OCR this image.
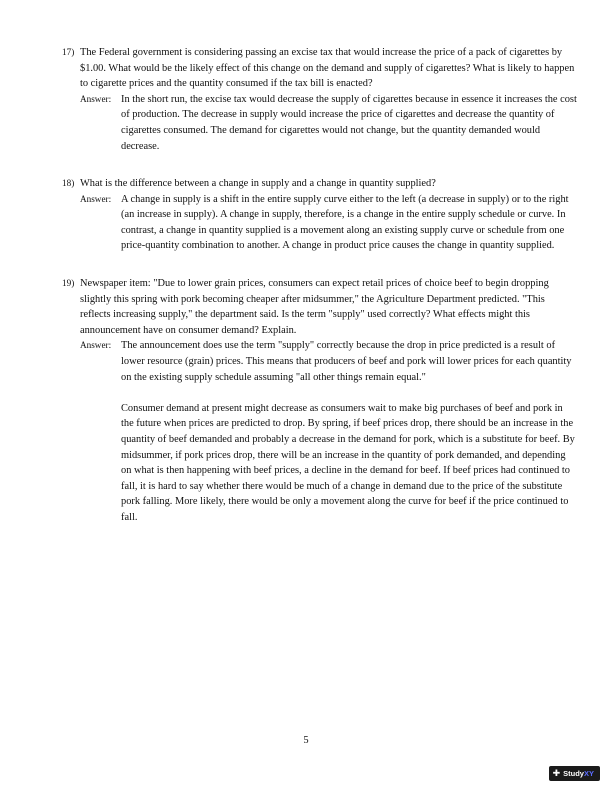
17) The Federal government is considering passing an excise tax that would increase the price of a pack of cigarettes by $1.00. What would be the likely effect of this change on the demand and supply of cigarettes? What is likely to happen to cigarette prices and the quantity consumed if the tax bill is enacted?
Answer: In the short run, the excise tax would decrease the supply of cigarettes because in essence it increases the cost of production. The decrease in supply would increase the price of cigarettes and decrease the quantity of cigarettes consumed. The demand for cigarettes would not change, but the quantity demanded would decrease.

18) What is the difference between a change in supply and a change in quantity supplied?
Answer: A change in supply is a shift in the entire supply curve either to the left (a decrease in supply) or to the right (an increase in supply). A change in supply, therefore, is a change in the entire supply schedule or curve. In contrast, a change in quantity supplied is a movement along an existing supply curve or schedule from one price-quantity combination to another. A change in product price causes the change in quantity supplied.

19) Newspaper item: "Due to lower grain prices, consumers can expect retail prices of choice beef to begin dropping slightly this spring with pork becoming cheaper after midsummer," the Agriculture Department predicted. "This reflects increasing supply," the department said. Is the term "supply" used correctly? What effects might this announcement have on consumer demand? Explain.
Answer: The announcement does use the term "supply" correctly because the drop in price predicted is a result of lower resource (grain) prices. This means that producers of beef and pork will lower prices for each quantity on the existing supply schedule assuming "all other things remain equal."

Consumer demand at present might decrease as consumers wait to make big purchases of beef and pork in the future when prices are predicted to drop. By spring, if beef prices drop, there should be an increase in the quantity of beef demanded and probably a decrease in the demand for pork, which is a substitute for beef. By midsummer, if pork prices drop, there will be an increase in the quantity of pork demanded, and depending on what is then happening with beef prices, a decline in the demand for beef. If beef prices had continued to fall, it is hard to say whether there would be much of a change in demand due to the price of the substitute pork falling. More likely, there would be only a movement along the curve for beef if the price continued to fall.

5
✚ StudyXY
